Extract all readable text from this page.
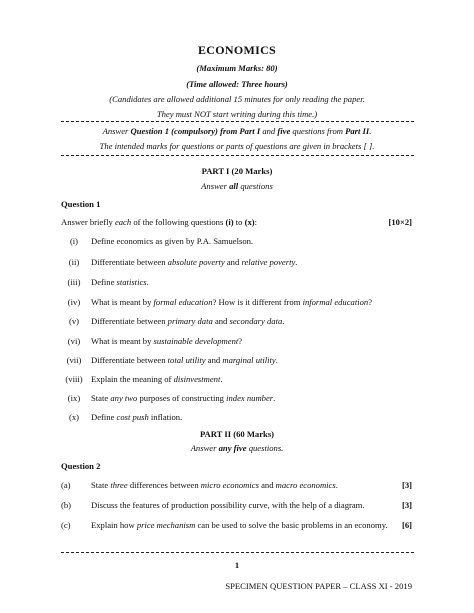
ECONOMICS
(Maximum Marks: 80)
(Time allowed: Three hours)
(Candidates are allowed additional 15 minutes for only reading the paper.
They must NOT start writing during this time.)
Answer Question 1 (compulsory) from Part I and five questions from Part II.
The intended marks for questions or parts of questions are given in brackets [ ].
PART I (20 Marks)
Answer all questions
Question 1
Answer briefly each of the following questions (i) to (x):	[10×2]
(i)	Define economics as given by P.A. Samuelson.
(ii)	Differentiate between absolute poverty and relative poverty.
(iii)	Define statistics.
(iv)	What is meant by formal education? How is it different from informal education?
(v)	Differentiate between primary data and secondary data.
(vi)	What is meant by sustainable development?
(vii)	Differentiate between total utility and marginal utility.
(viii) Explain the meaning of disinvestment.
(ix)	State any two purposes of constructing index number.
(x)	Define cost push inflation.
PART II (60 Marks)
Answer any five questions.
Question 2
(a) State three differences between micro economics and macro economics.	[3]
(b) Discuss the features of production possibility curve, with the help of a diagram.	[3]
(c) Explain how price mechanism can be used to solve the basic problems in an economy.	[6]
1
SPECIMEN QUESTION PAPER – CLASS XI - 2019
